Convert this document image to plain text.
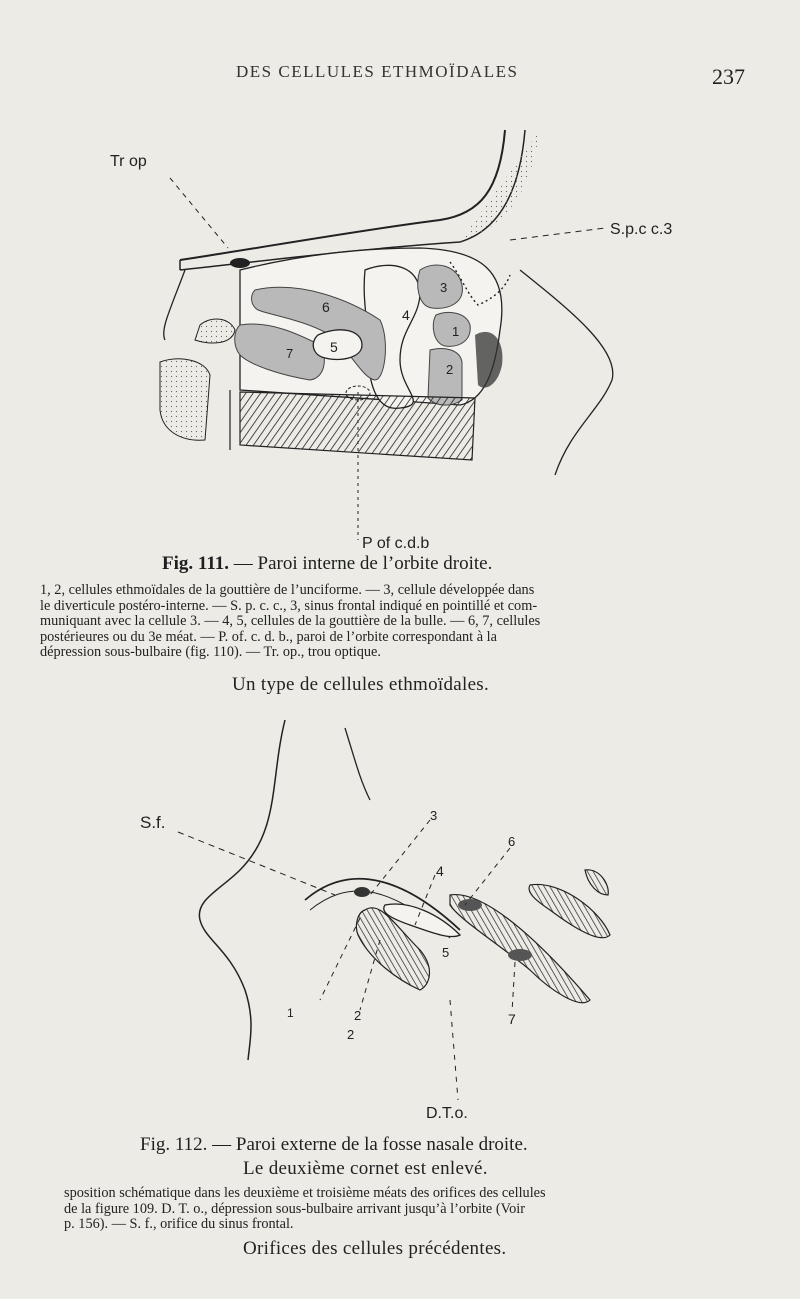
DES CELLULES ETHMOÏDALES	237
Tr op
S.p.c c.3
P of c.d.b
6
5
4
3
1
2
7
Fig. 111. — Paroi interne de l’orbite droite.
1, 2, cellules ethmoïdales de la gouttière de l’unciforme. — 3, cellule développée dans
le diverticule postéro-interne. — S. p. c. c., 3, sinus frontal indiqué en pointillé et com-
muniquant avec la cellule 3. — 4, 5, cellules de la gouttière de la bulle. — 6, 7, cellules
postérieures ou du 3e méat. — P. of. c. d. b., paroi de l’orbite correspondant à la
dépression sous-bulbaire (fig. 110). — Tr. op., trou optique.
Un type de cellules ethmoïdales.
S.f.	3
6
4
5
1	2
2
7
D.T.o.
Fig. 112. — Paroi externe de la fosse nasale droite.
Le deuxième cornet est enlevé.
sposition schématique dans les deuxième et troisième méats des orifices des cellules
de la figure 109. D. T. o., dépression sous-bulbaire arrivant jusqu’à l’orbite (Voir
p. 156). — S. f., orifice du sinus frontal.
Orifices des cellules précédentes.
